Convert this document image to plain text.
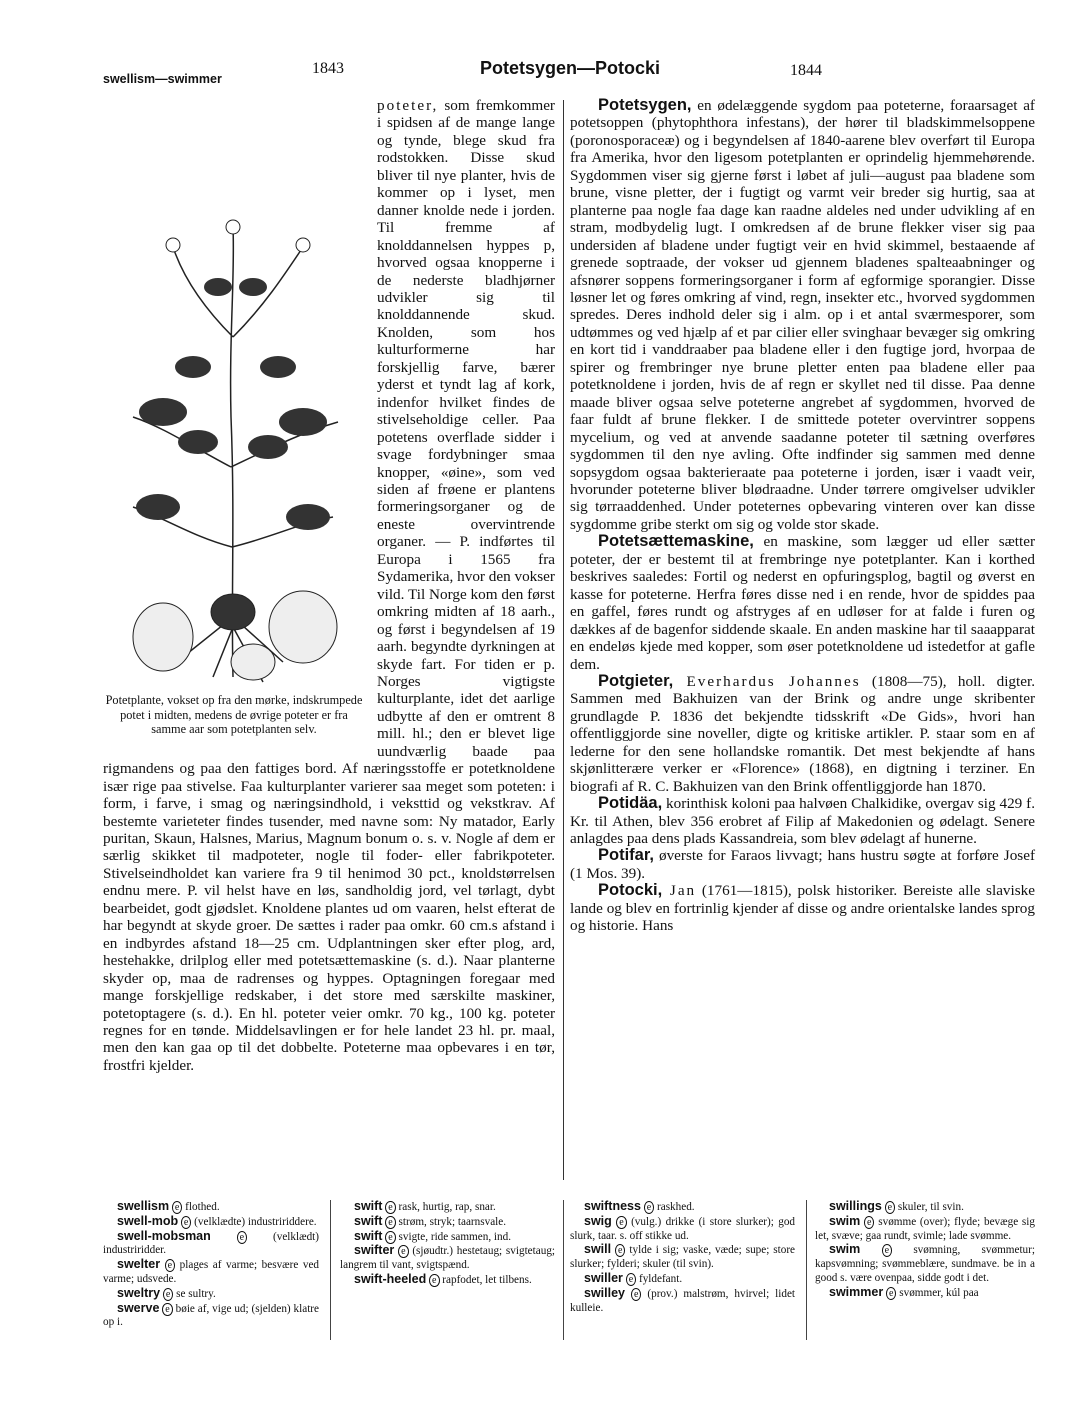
swellism—swimmer
1843	Potetsygen—Potocki	1844
Potetplante, vokset op fra den mørke, indskrumpede potet i midten, medens de øvrige poteter er fra samme aar som potetplanten selv.
poteter, som fremkommer i spidsen af de mange lange og tynde, blege skud fra rodstokken. Disse skud bliver til nye planter, hvis de kommer op i lyset, men danner knolde nede i jorden. Til fremme af knolddannelsen hyppes p, hvorved ogsaa knopperne i de nederste bladhjørner udvikler sig til knolddannende skud. Knolden, som hos kulturformerne har forskjellig farve, bærer yderst et tyndt lag af kork, indenfor hvilket findes de stivelseholdige celler. Paa potetens overflade sidder i svage fordybninger smaa knopper, «øine», som ved siden af frøene er plantens formeringsorganer og de eneste overvintrende organer. — P. indførtes til Europa i 1565 fra Sydamerika, hvor den vokser vild. Til Norge kom den først omkring midten af 18 aarh., og først i begyndelsen af 19 aarh. begyndte dyrkningen at skyde fart. For tiden er p. Norges vigtigste kulturplante, idet det aarlige udbytte af den er omtrent 8 mill. hl.; den er blevet lige uundværlig baade paa rigmandens og paa den fattiges bord. Af næringsstoffe er potetknoldene især rige paa stivelse. Faa kulturplanter varierer saa meget som poteten: i form, i farve, i smag og næringsindhold, i veksttid og vekstkrav. Af bestemte varieteter findes tusender, med navne som: Ny matador, Early puritan, Skaun, Halsnes, Marius, Magnum bonum o. s. v. Nogle af dem er særlig skikket til madpoteter, nogle til foder- eller fabrikpoteter. Stivelseindholdet kan variere fra 9 til henimod 30 pct., knoldstørrelsen endnu mere. P. vil helst have en løs, sandholdig jord, vel tørlagt, dybt bearbeidet, godt gjødslet. Knoldene plantes ud om vaaren, helst efterat de har begyndt at skyde groer. De sættes i rader paa omkr. 60 cm.s afstand i en indbyrdes afstand 18—25 cm. Udplantningen sker efter plog, ard, hestehakke, drilplog eller med potetsættemaskine (s. d.). Naar planterne skyder op, maa de radrenses og hyppes. Optagningen foregaar med mange forskjellige redskaber, i det store med særskilte maskiner, potetoptagere (s. d.). En hl. poteter veier omkr. 70 kg., 100 kg. poteter regnes for en tønde. Middelsavlingen er for hele landet 23 hl. pr. maal, men den kan gaa op til det dobbelte. Poteterne maa opbevares i en tør, frostfri kjelder.

Potetsygen, en ødelæggende sygdom paa poteterne, foraarsaget af potetsoppen (phytophthora infestans), der hører til bladskimmelsoppene (poronosporaceæ) og i begyndelsen af 1840-aarene blev overført til Europa fra Amerika, hvor den ligesom potetplanten er oprindelig hjemmehørende. Sygdommen viser sig gjerne først i løbet af juli—august paa bladene som brune, visne pletter, der i fugtigt og varmt veir breder sig hurtig, saa at planterne paa nogle faa dage kan raadne aldeles ned under udvikling af en stram, modbydelig lugt. I omkredsen af de brune flekker viser sig paa undersiden af bladene under fugtigt veir en hvid skimmel, bestaaende af grenede soptraade, der vokser ud gjennem bladenes spalteaabninger og afsnører soppens formeringsorganer i form af egformige sporangier. Disse løsner let og føres omkring af vind, regn, insekter etc., hvorved sygdommen spredes. Deres indhold deler sig i alm. op i et antal sværmesporer, som udtømmes og ved hjælp af et par cilier eller svinghaar bevæger sig omkring en kort tid i vanddraaber paa bladene eller i den fugtige jord, hvorpaa de spirer og frembringer nye brune pletter enten paa bladene eller paa potetknoldene i jorden, hvis de af regn er skyllet ned til disse. Paa denne maade bliver ogsaa selve poteterne angrebet af sygdommen, hvorved de faar fuldt af brune flekker. I de smittede poteter overvintrer soppens mycelium, og ved at anvende saadanne poteter til sætning overføres sygdommen til den nye avling. Ofte indfinder sig sammen med denne sopsygdom ogsaa bakterieraate paa poteterne i jorden, især i vaadt veir, hvorunder poteterne bliver blødraadne. Under tørrere omgivelser udvikler sig tørraaddenhed. Under poteternes opbevaring vinteren over kan disse sygdomme gribe sterkt om sig og volde stor skade.

Potetsættemaskine, en maskine, som lægger ud eller sætter poteter, der er bestemt til at frembringe nye potetplanter. Kan i korthed beskrives saaledes: Fortil og nederst en opfuringsplog, bagtil og øverst en kasse for poteterne. Herfra føres disse ned i en rende, hvor de spiddes paa en gaffel, føres rundt og afstryges af en udløser for at falde i furen og dækkes af de bagenfor siddende skaale. En anden maskine har til saaapparat en endeløs kjede med kopper, som øser potetknoldene ud istedetfor at gafle dem.

Potgieter, Everhardus Johannes (1808—75), holl. digter. Sammen med Bakhuizen van der Brink og andre unge skribenter grundlagde P. 1836 det bekjendte tidsskrift «De Gids», hvori han offentliggjorde sine noveller, digte og kritiske artikler. P. staar som en af lederne for den sene hollandske romantik. Det mest bekjendte af hans skjønlitterære verker er «Florence» (1868), en digtning i terziner. En biografi af R. C. Bakhuizen van den Brink offentliggjorde han 1870.

Potidäa, korinthisk koloni paa halvøen Chalkidike, overgav sig 429 f. Kr. til Athen, blev 356 erobret af Filip af Makedonien og ødelagt. Senere anlagdes paa dens plads Kassandreia, som blev ødelagt af hunerne.

Potifar, øverste for Faraos livvagt; hans hustru søgte at forføre Josef (1 Mos. 39).

Potocki, Jan (1761—1815), polsk historiker. Bereiste alle slaviske lande og blev en fortrinlig kjender af disse og andre orientalske landes sprog og historie. Hans

swellism e flothed.

swell-mob e (velklædte) industririddere.

swell-mobsman	e	(velklædt) industriridder.

swelter e plages af varme; besvære ved varme; udsvede.

sweltry e se sultry.

swerve e bøie af, vige ud; (sjelden) klatre op i.

swift e rask, hurtig, rap, snar.

swift e strøm, stryk; taarnsvale.

swift e svigte, ride sammen, ind.

swifter e (sjøudtr.) hestetaug; svigtetaug; langrem til vant, svigtspænd.

swift-heeled e rapfodet, let tilbens.

swiftness e raskhed.

swig e (vulg.) drikke (i store slurker); god slurk, taar. s. off stikke ud.

swill e tylde i sig; vaske, væde; supe; store slurker; fylderi; skuler (til svin).

swiller e fyldefant.

swilley e (prov.) malstrøm, hvirvel; lidet kulleie.

swillings e skuler, til svin.

swim e svømme (over); flyde; bevæge sig let, svæve; gaa rundt, svimle; lade svømme.

swim e svømning, svømmetur; kapsvømning; svømmeblære, sundmave. be in a good s. være ovenpaa, sidde godt i det.

swimmer e svømmer, kúl paa
